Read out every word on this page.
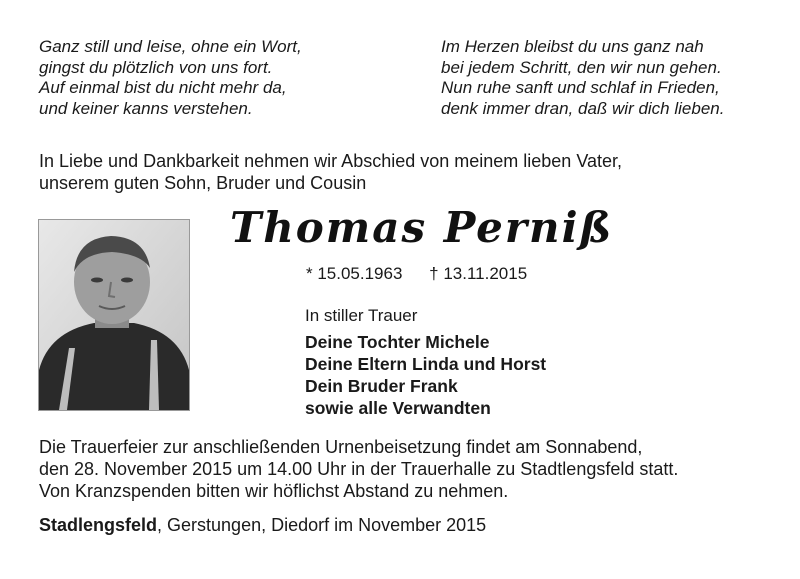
Ganz still und leise, ohne ein Wort,
gingst du plötzlich von uns fort.
Auf einmal bist du nicht mehr da,
und keiner kanns verstehen.
Im Herzen bleibst du uns ganz nah
bei jedem Schritt, den wir nun gehen.
Nun ruhe sanft und schlaf in Frieden,
denk immer dran, daß wir dich lieben.
In Liebe und Dankbarkeit nehmen wir Abschied von meinem lieben Vater,
unserem guten Sohn, Bruder und Cousin
Thomas Perniß
* 15.05.1963 † 13.11.2015
In stiller Trauer
Deine Tochter Michele
Deine Eltern Linda und Horst
Dein Bruder Frank
sowie alle Verwandten
Die Trauerfeier zur anschließenden Urnenbeisetzung findet am Sonnabend,
den 28. November 2015 um 14.00 Uhr in der Trauerhalle zu Stadtlengsfeld statt.
Von Kranzspenden bitten wir höflichst Abstand zu nehmen.
Stadlengsfeld, Gerstungen, Diedorf im November 2015
